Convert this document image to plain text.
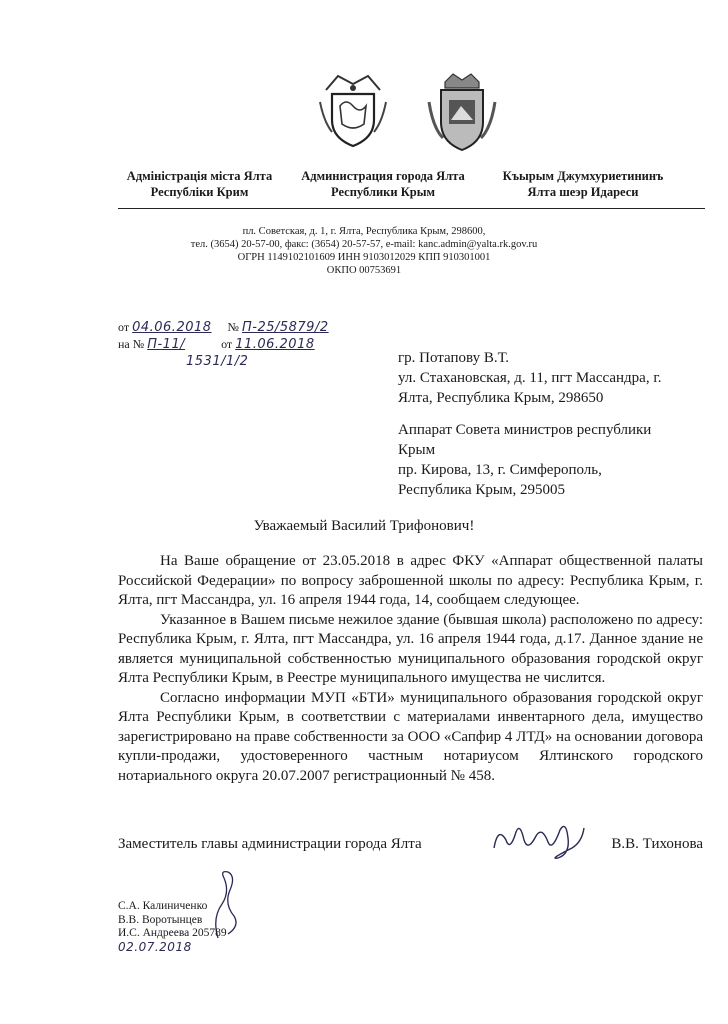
Адміністрація міста Ялта
Республіки Крим
Администрация города Ялта
Республики Крым
Къырым Джумхуриетининъ
Ялта шеэр Идареси
пл. Советская, д. 1, г. Ялта, Республика Крым, 298600,
тел. (3654) 20-57-00, факс: (3654) 20-57-57, e-mail: kanc.admin@yalta.rk.gov.ru
ОГРН 1149102101609 ИНН 9103012029 КПП 910301001
ОКПО 00753691
от 04.06.2018 № П-25/5879/2
на № П-11/	от 11.06.2018
1531/1/2	гр. Потапову В.Т.

ул. Стахановская, д. 11, пгт Массандра, г.

Ялта, Республика Крым, 298650

Аппарат Совета министров республики

Крым

пр. Кирова, 13, г. Симферополь,

Республика Крым, 295005

Уважаемый Василий Трифонович!

На Ваше обращение от 23.05.2018 в адрес ФКУ «Аппарат общественной палаты Российской Федерации» по вопросу заброшенной школы по адресу: Республика Крым, г. Ялта, пгт Массандра, ул. 16 апреля 1944 года, 14, сообщаем следующее.

Указанное в Вашем письме нежилое здание (бывшая школа) расположено по адресу: Республика Крым, г. Ялта, пгт Массандра, ул. 16 апреля 1944 года, д.17. Данное здание не является муниципальной собственностью муниципального образования городской округ Ялта Республики Крым, в Реестре муниципального имущества не числится.

Согласно информации МУП «БТИ» муниципального образования городской округ Ялта Республики Крым, в соответствии с материалами инвентарного дела, имущество зарегистрировано на праве собственности за ООО «Сапфир 4 ЛТД» на основании договора купли-продажи, удостоверенного частным нотариусом Ялтинского городского нотариального округа 20.07.2007 регистрационный № 458.

Заместитель главы администрации города Ялта	В.В. Тихонова
С.А. Калиниченко
В.В. Воротынцев
И.С. Андреева 205789
02.07.2018
